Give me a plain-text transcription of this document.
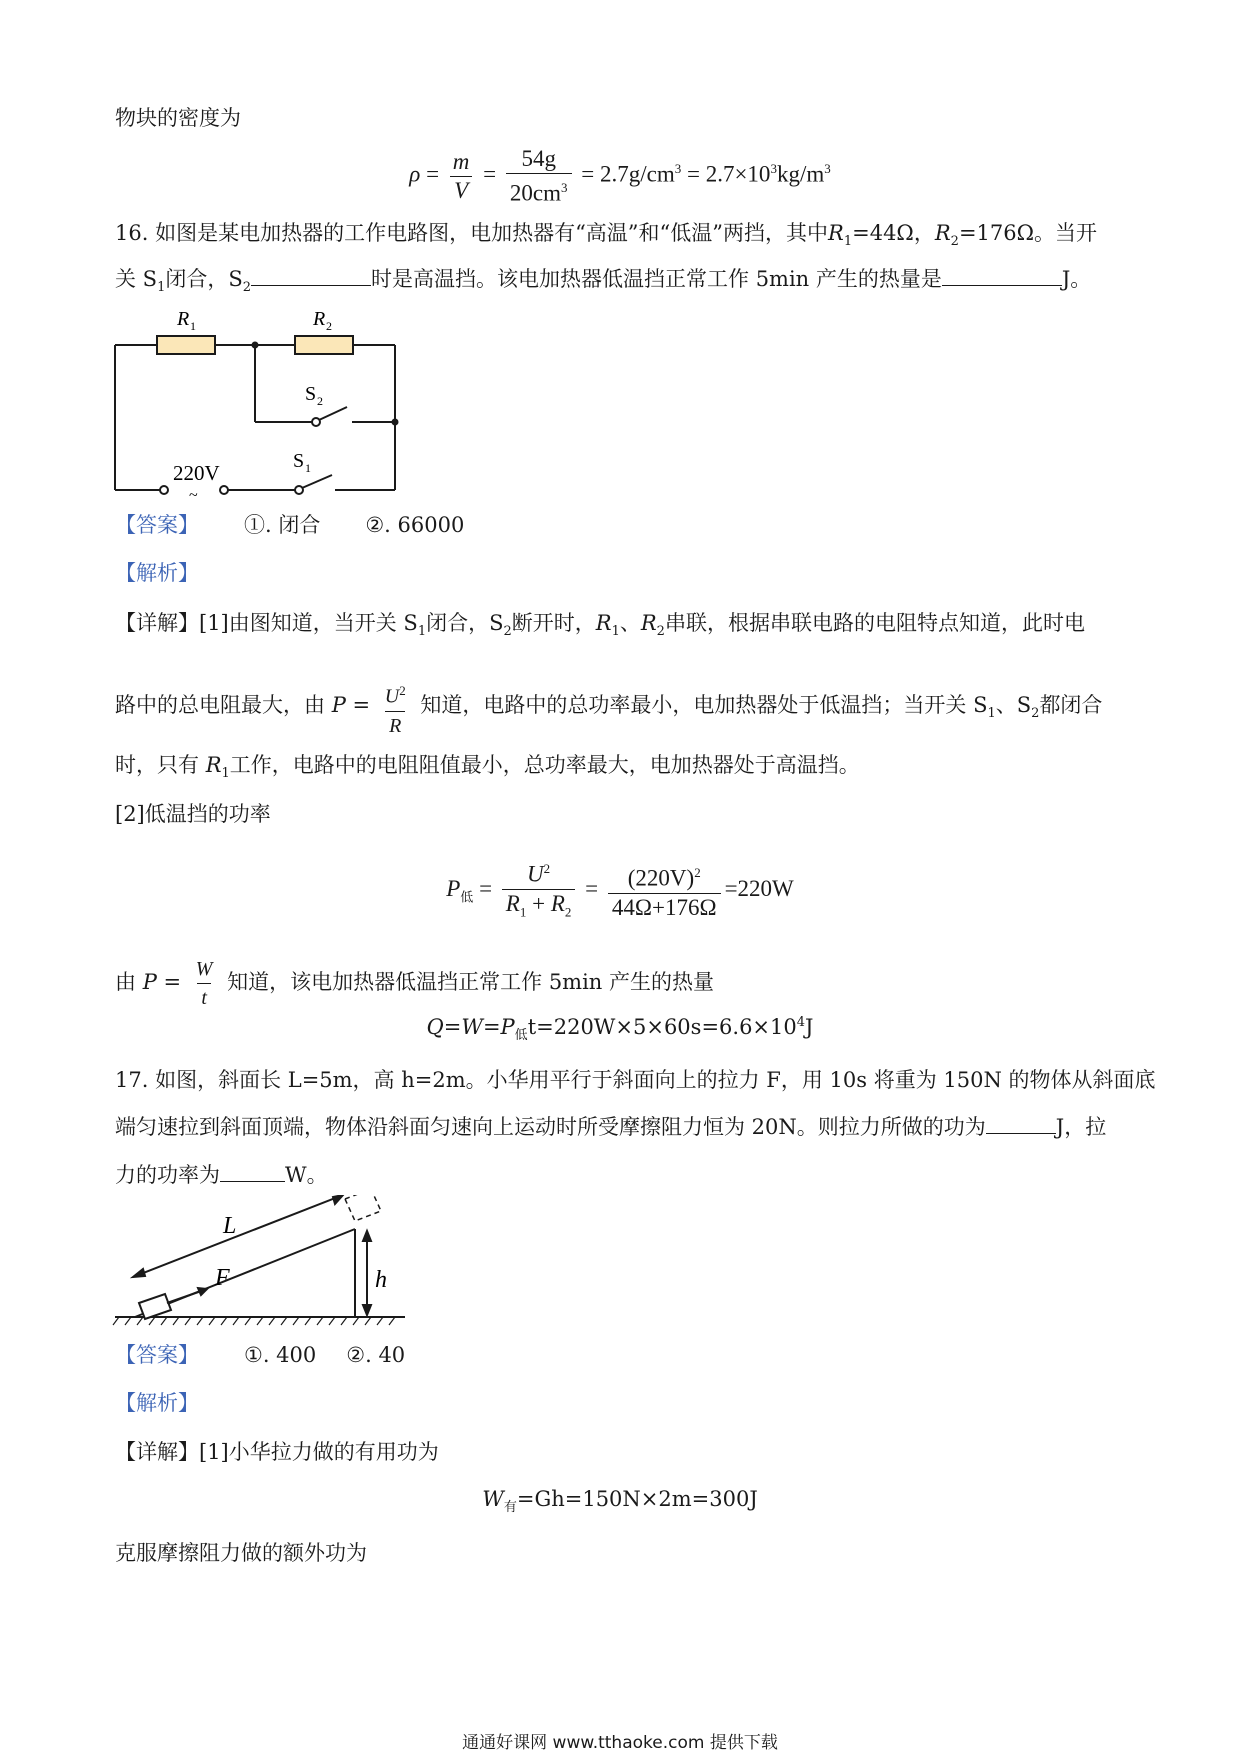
物块的密度为
$\rho = \frac{m}{V} = \frac{54g}{20cm^3} = 2.7g/cm^3 = 2.7\times 10^3kg/m^3$
16. 如图是某电加热器的工作电路图，电加热器有“高温”和“低温”两挡，其中$R_1=44\Omega$，$R_2=176\Omega$。当开
关 $S_1$闭合，$S_2$	时是高温挡。该电加热器低温挡正常工作 5min 产生的热量是	J。
R 1	R 2
S 2
S 1
220V
~
【答案】 ①. 闭合 ②. 66000
【解析】
【详解】[1]由图知道，当开关 $S_1$闭合，$S_2$断开时，$R_1$、$R_2$串联，根据串联电路的电阻特点知道，此时电
路中的总电阻最大，由 $P = \frac{U^2}{R}$ 知道，电路中的总功率最小，电加热器处于低温挡；当开关 $S_1$、$S_2$都闭合
时，只有 $R_1$工作，电路中的电阻阻值最小，总功率最大，电加热器处于高温挡。
[2]低温挡的功率
$P_低 = \frac{U^2}{R_1 + R_2} = \frac{(220V)^2}{44\Omega+176\Omega} =220W$
由 $P = \frac{W}{t}$ 知道，该电加热器低温挡正常工作 5min 产生的热量
$Q=W=P_低t=220W\times 5\times 60s=6.6\times 10^4J$
17. 如图，斜面长 L=5m，高 h=2m。小华用平行于斜面向上的拉力 F，用 10s 将重为 150N 的物体从斜面底
端匀速拉到斜面顶端，物体沿斜面匀速向上运动时所受摩擦阻力恒为 20N。则拉力所做的功为	J，拉
力的功率为	W。
L
F	h
【答案】 ①. 400 ②. 40
【解析】
【详解】[1]小华拉力做的有用功为
$W_有=Gh=150N\times 2m=300J$
克服摩擦阻力做的额外功为
通通好课网 www.tthaoke.com 提供下载
